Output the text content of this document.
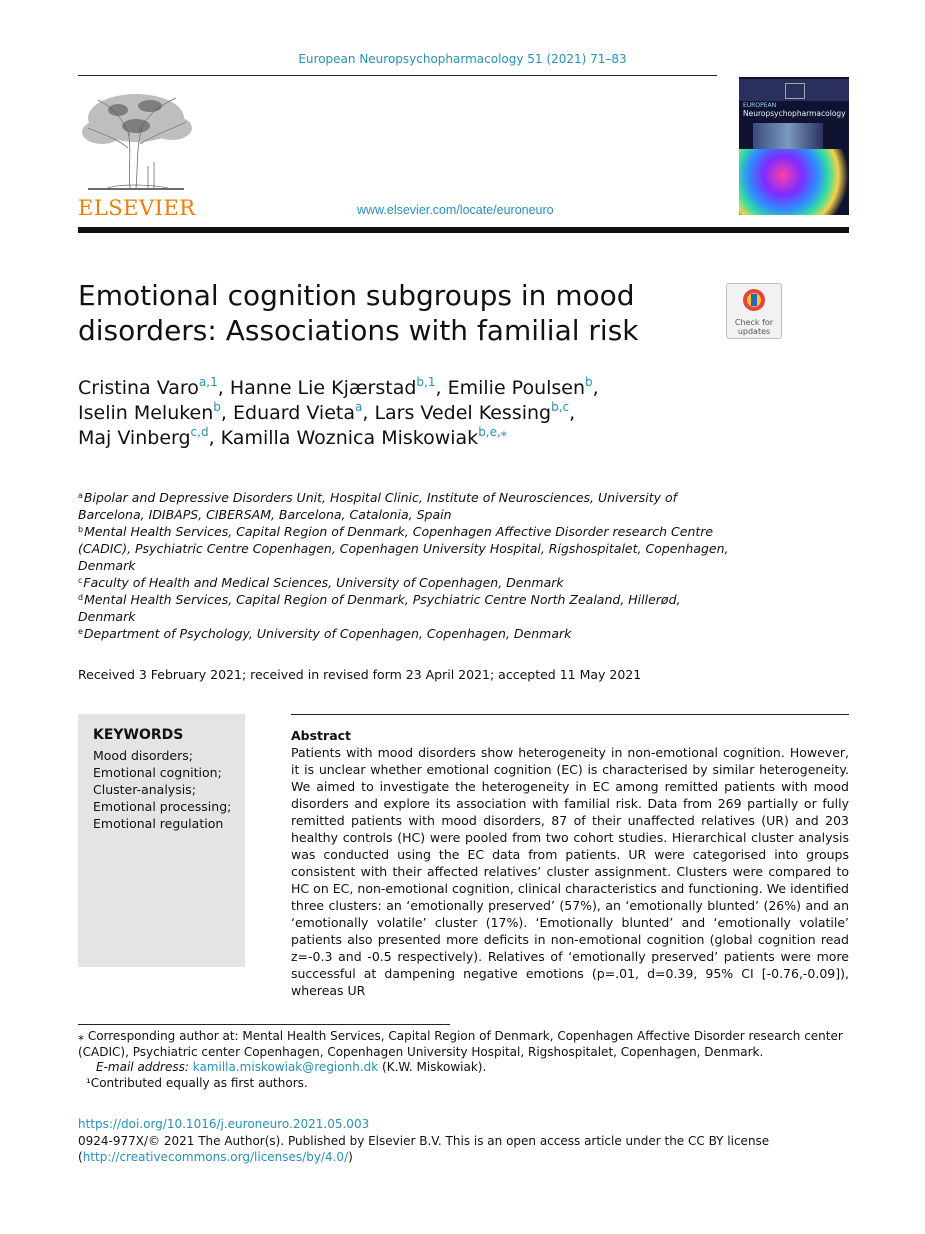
European Neuropsychopharmacology 51 (2021) 71–83
ELSEVIER	www.elsevier.com/locate/euroneuro
EUROPEAN
Neuropsychopharmacology
Check for
updates
Emotional cognition subgroups in mood disorders: Associations with familial risk
Cristina Varo$^{a,1}$, Hanne Lie Kjærstad$^{b,1}$, Emilie Poulsen$^b$,
Iselin Meluken$^b$, Eduard Vieta$^a$, Lars Vedel Kessing$^{b,c}$,
Maj Vinberg$^{c,d}$, Kamilla Woznica Miskowiak$^{b,e,⁎}$

$^a$Bipolar and Depressive Disorders Unit, Hospital Clinic, Institute of Neurosciences, University of Barcelona, IDIBAPS, CIBERSAM, Barcelona, Catalonia, Spain

$^b$Mental Health Services, Capital Region of Denmark, Copenhagen Affective Disorder research Centre (CADIC), Psychiatric Centre Copenhagen, Copenhagen University Hospital, Rigshospitalet, Copenhagen, Denmark

$^c$Faculty of Health and Medical Sciences, University of Copenhagen, Denmark

$^d$Mental Health Services, Capital Region of Denmark, Psychiatric Centre North Zealand, Hillerød, Denmark

$^e$Department of Psychology, University of Copenhagen, Copenhagen, Denmark

Received 3 February 2021; received in revised form 23 April 2021; accepted 11 May 2021
KEYWORDS
Mood disorders;
Emotional cognition;
Cluster-analysis;
Emotional processing;
Emotional regulation
Abstract
Patients with mood disorders show heterogeneity in non-emotional cognition. However, it is unclear whether emotional cognition (EC) is characterised by similar heterogeneity. We aimed to investigate the heterogeneity in EC among remitted patients with mood disorders and explore its association with familial risk. Data from 269 partially or fully remitted patients with mood disorders, 87 of their unaffected relatives (UR) and 203 healthy controls (HC) were pooled from two cohort studies. Hierarchical cluster analysis was conducted using the EC data from patients. UR were categorised into groups consistent with their affected relatives’ cluster assignment. Clusters were compared to HC on EC, non-emotional cognition, clinical characteristics and functioning. We identified three clusters: an ‘emotionally preserved’ (57%), an ‘emotionally blunted’ (26%) and an ‘emotionally volatile’ cluster (17%). ‘Emotionally blunted’ and ‘emotionally volatile’ patients also presented more deficits in non-emotional cognition (global cognition read z=-0.3 and -0.5 respectively). Relatives of ‘emotionally preserved’ patients were more successful at dampening negative emotions (p=.01, d=0.39, 95% CI [-0.76,-0.09]), whereas UR
⁎ Corresponding author at: Mental Health Services, Capital Region of Denmark, Copenhagen Affective Disorder research center (CADIC), Psychiatric center Copenhagen, Copenhagen University Hospital, Rigshospitalet, Copenhagen, Denmark.
E-mail address: kamilla.miskowiak@regionh.dk (K.W. Miskowiak).
¹Contributed equally as first authors.
https://doi.org/10.1016/j.euroneuro.2021.05.003
0924-977X/© 2021 The Author(s). Published by Elsevier B.V. This is an open access article under the CC BY license
(http://creativecommons.org/licenses/by/4.0/)
